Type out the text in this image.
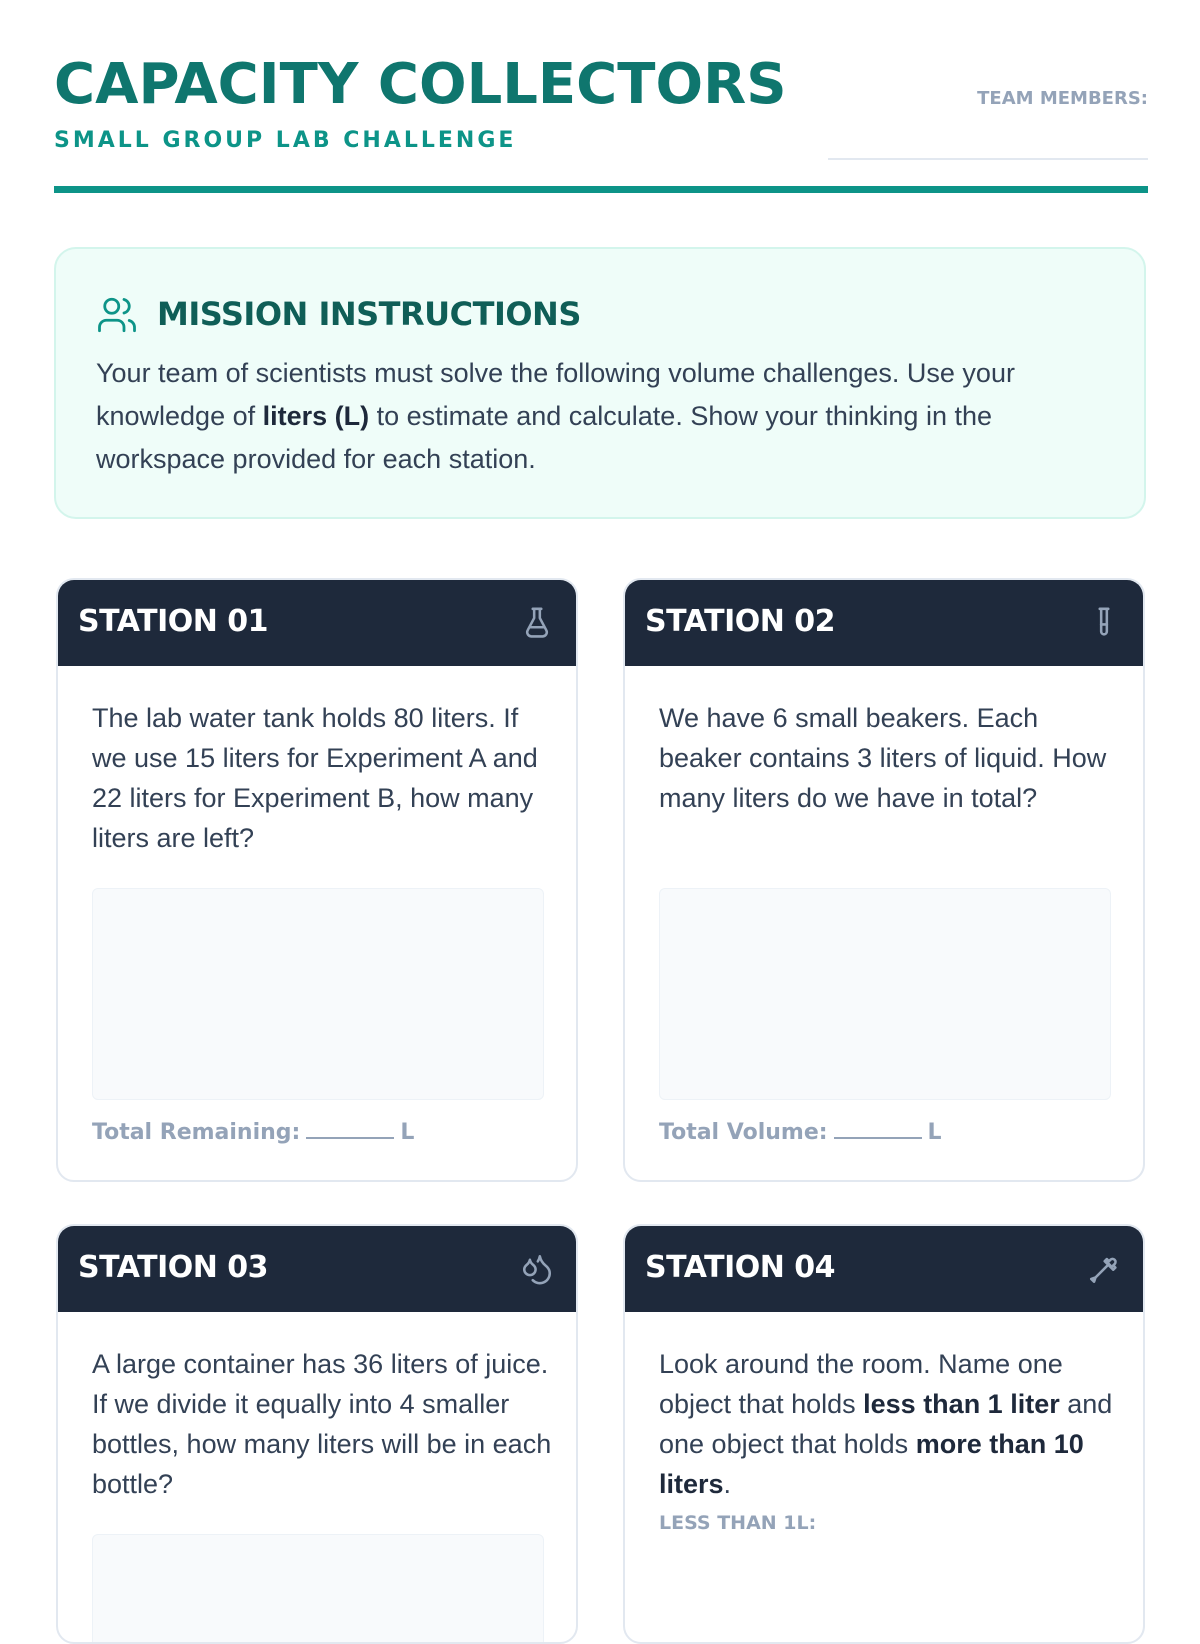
CAPACITY COLLECTORS
SMALL GROUP LAB CHALLENGE
TEAM MEMBERS:
MISSION INSTRUCTIONS
Your team of scientists must solve the following volume challenges. Use your knowledge of liters (L) to estimate and calculate. Show your thinking in the workspace provided for each station.
STATION 01
The lab water tank holds 80 liters. If we use 15 liters for Experiment A and 22 liters for Experiment B, how many liters are left?
Total Remaining:	L
STATION 02
We have 6 small beakers. Each beaker contains 3 liters of liquid. How many liters do we have in total?
Total Volume:	L
STATION 03
A large container has 36 liters of juice. If we divide it equally into 4 smaller bottles, how many liters will be in each bottle?
STATION 04
Look around the room. Name one object that holds less than 1 liter and one object that holds more than 10 liters.
LESS THAN 1L:
